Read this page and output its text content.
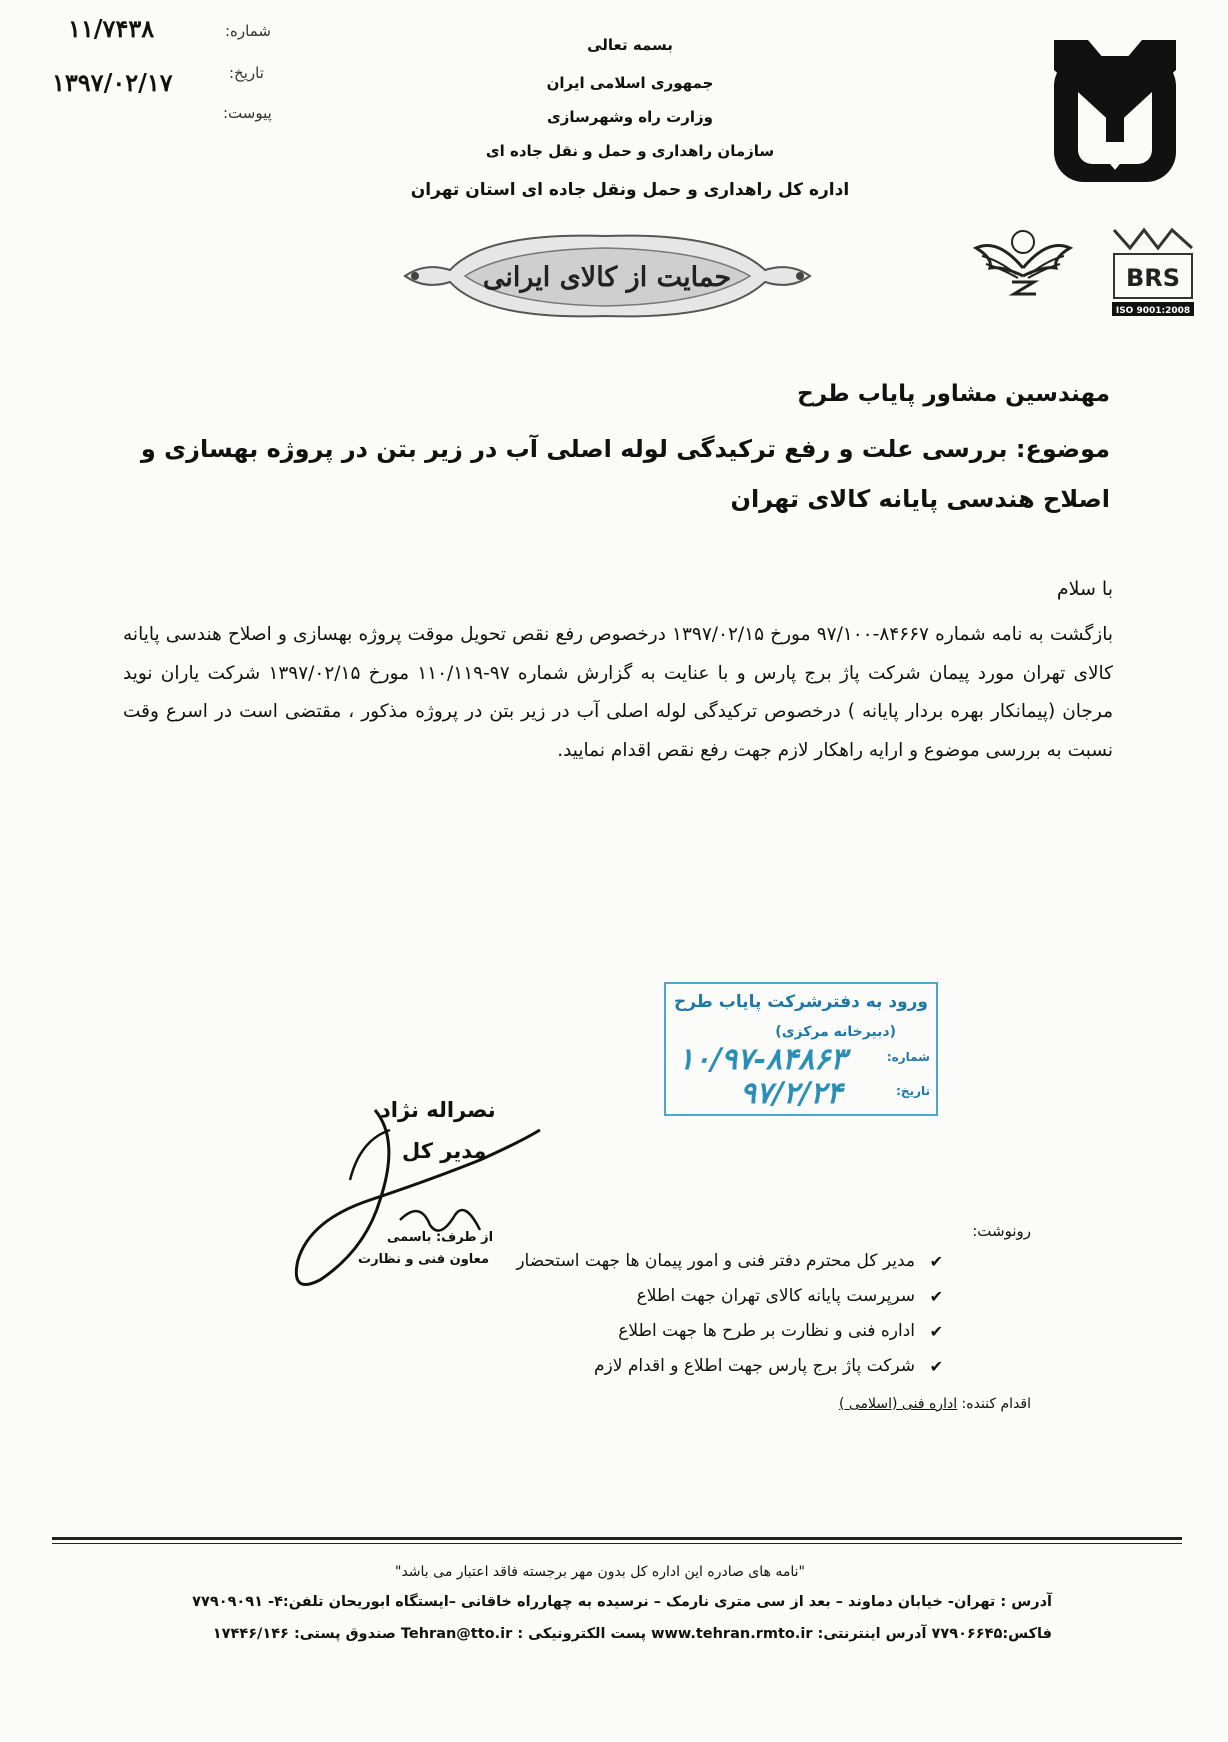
شماره:
۱۱/۷۴۳۸
تاریخ:
۱۳۹۷/۰۲/۱۷
پیوست:
بسمه تعالی
جمهوری اسلامی ایران
وزارت راه وشهرسازی
سازمان راهداری و حمل و نقل جاده ای
اداره کل راهداری و حمل ونقل جاده ای استان تهران
حمایت از کالای ایرانی	BRS
ISO 9001:2008
مهندسین مشاور پایاب طرح
موضوع: بررسی علت و رفع ترکیدگی لوله اصلی آب در زیر بتن در پروژه بهسازی و اصلاح هندسی پایانه کالای تهران
با سلام
بازگشت به نامه شماره ۸۴۶۶۷-۹۷/۱۰۰ مورخ ۱۳۹۷/۰۲/۱۵ درخصوص رفع نقص تحویل موقت پروژه بهسازی و اصلاح هندسی پایانه کالای تهران مورد پیمان شرکت پاژ برج پارس و با عنایت به گزارش شماره ۹۷-۱۱۰/۱۱۹ مورخ ۱۳۹۷/۰۲/۱۵ شرکت یاران نوید مرجان (پیمانکار بهره بردار پایانه ) درخصوص ترکیدگی لوله اصلی آب در زیر بتن در پروژه مذکور ، مقتضی است در اسرع وقت نسبت به بررسی موضوع و ارایه راهکار لازم جهت رفع نقص اقدام نمایید.
ورود به دفترشرکت پایاب طرح
(دبیرخانه مرکزی)
شماره:
۱۰/۹۷-۸۴۸۶۳
تاریخ:
۹۷/۲/۲۴
نصراله نژاد
مدیر کل
از طرف: باسمی
معاون فنی و نظارت
رونوشت:
✔
مدیر کل محترم دفتر فنی و امور پیمان ها جهت استحضار
✔
سرپرست پایانه کالای تهران جهت اطلاع
✔
اداره فنی و نظارت بر طرح ها جهت اطلاع
✔
شرکت پاژ برج پارس جهت اطلاع و اقدام لازم
اقدام کننده: اداره فنی (اسلامی )
"نامه های صادره این اداره کل بدون مهر برجسته فاقد اعتبار می باشد"
آدرس : تهران- خیابان دماوند – بعد از سی متری نارمک – نرسیده به چهارراه خاقانی –ایستگاه ابوریحان تلفن:۴- ۷۷۹۰۹۰۹۱
فاکس:۷۷۹۰۶۶۴۵ آدرس اینترنتی: www.tehran.rmto.ir پست الکترونیکی : Tehran@tto.ir صندوق پستی: ۱۷۴۴۶/۱۴۶
